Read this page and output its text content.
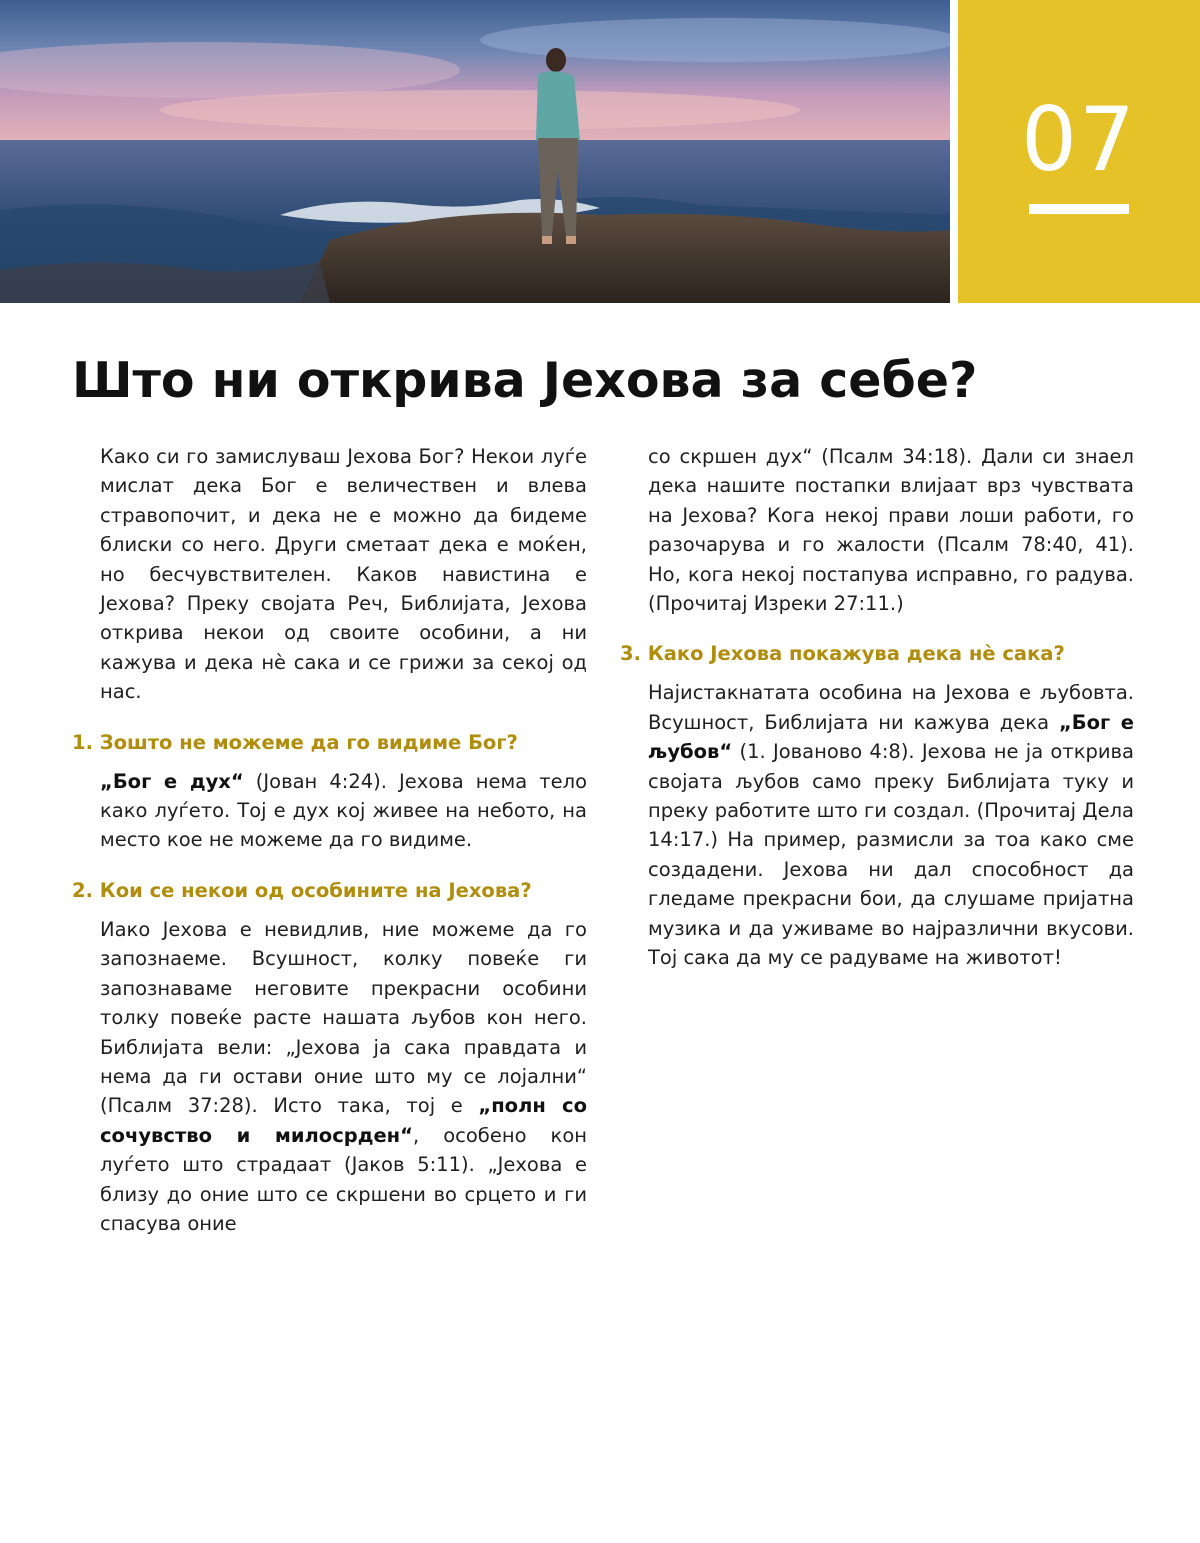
07
Што ни открива Јехова за себе?

Како си го замислуваш Јехова Бог? Некои луѓе мислат дека Бог е величествен и влева стравопочит, и дека не е можно да бидеме блиски со него. Други сметаат дека е моќен, но бесчувствителен. Каков навистина е Јехова? Преку својата Реч, Библијата, Јехова открива некои од своите особини, а ни кажува и дека нè сака и се грижи за секој од нас.

1. Зошто не можеме да го видиме Бог?

„Бог е дух“ (Јован 4:24). Јехова нема тело како луѓето. Тој е дух кој живее на небото, на место кое не можеме да го видиме.

2. Кои се некои од особините на Јехова?

Иако Јехова е невидлив, ние можеме да го запознаеме. Всушност, колку повеќе ги запознаваме неговите прекрасни особини толку повеќе расте нашата љубов кон него. Библијата вели: „Јехова ја сака правдата и нема да ги остави оние што му се лојални“ (Псалм 37:28). Исто така, тој е „полн со сочувство и милосрден“, особено кон луѓето што страдаат (Јаков 5:11). „Јехова е близу до оние што се скршени во срцето и ги спасува оние

со скршен дух“ (Псалм 34:18). Дали си знаел дека нашите постапки влијаат врз чувствата на Јехова? Кога некој прави лоши работи, го разочарува и го жалости (Псалм 78:40, 41). Но, кога некој постапува исправно, го радува. (Прочитај Изреки 27:11.)

3. Како Јехова покажува дека нè сака?

Најистакнатата особина на Јехова е љубовта. Всушност, Библијата ни кажува дека „Бог е љубов“ (1. Јованово 4:8). Јехова не ја открива својата љубов само преку Библијата туку и преку работите што ги создал. (Прочитај Дела 14:17.) На пример, размисли за тоа како сме создадени. Јехова ни дал способност да гледаме прекрасни бои, да слушаме пријатна музика и да уживаме во најразлични вкусови. Тој сака да му се радуваме на животот!
